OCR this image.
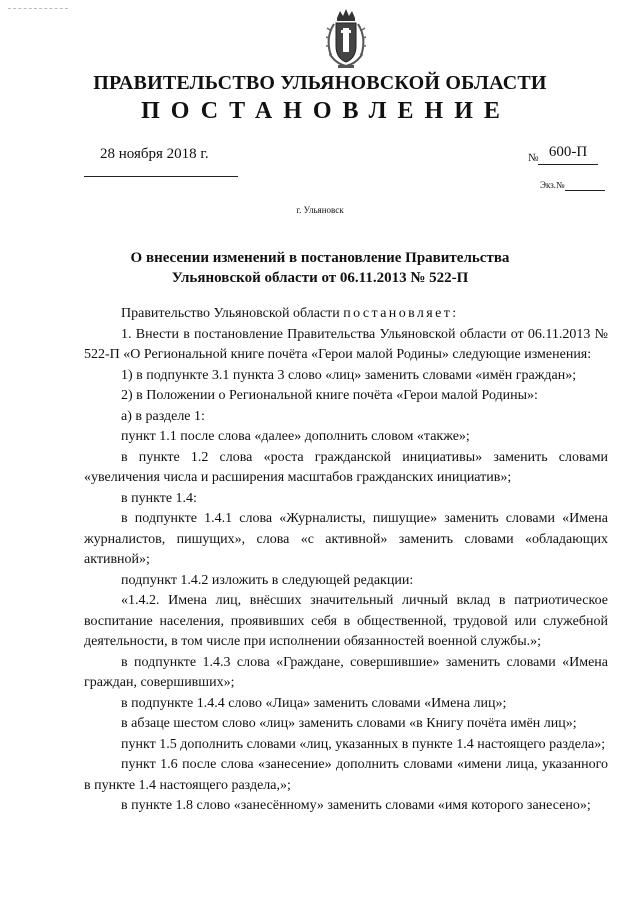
ПРАВИТЕЛЬСТВО УЛЬЯНОВСКОЙ ОБЛАСТИ
ПОСТАНОВЛЕНИЕ
28 ноября 2018 г.	№ 600-П
Экз.№
г. Ульяновск
О внесении изменений в постановление Правительства
Ульяновской области от 06.11.2013 № 522-П

Правительство Ульяновской области постановляет:

1. Внести в постановление Правительства Ульяновской области от 06.11.2013 № 522-П «О Региональной книге почёта «Герои малой Родины» следующие изменения:

1) в подпункте 3.1 пункта 3 слово «лиц» заменить словами «имён граждан»;

2) в Положении о Региональной книге почёта «Герои малой Родины»:

а) в разделе 1:

пункт 1.1 после слова «далее» дополнить словом «также»;

в пункте 1.2 слова «роста гражданской инициативы» заменить словами «увеличения числа и расширения масштабов гражданских инициатив»;

в пункте 1.4:

в подпункте 1.4.1 слова «Журналисты, пишущие» заменить словами «Имена журналистов, пишущих», слова «с активной» заменить словами «обладающих активной»;

подпункт 1.4.2 изложить в следующей редакции:

«1.4.2. Имена лиц, внёсших значительный личный вклад в патриотическое воспитание населения, проявивших себя в общественной, трудовой или служебной деятельности, в том числе при исполнении обязанностей военной службы.»;

в подпункте 1.4.3 слова «Граждане, совершившие» заменить словами «Имена граждан, совершивших»;

в подпункте 1.4.4 слово «Лица» заменить словами «Имена лиц»;

в абзаце шестом слово «лиц» заменить словами «в Книгу почёта имён лиц»;

пункт 1.5 дополнить словами «лиц, указанных в пункте 1.4 настоящего раздела»;

пункт 1.6 после слова «занесение» дополнить словами «имени лица, указанного в пункте 1.4 настоящего раздела,»;

в пункте 1.8 слово «занесённому» заменить словами «имя которого занесено»;
